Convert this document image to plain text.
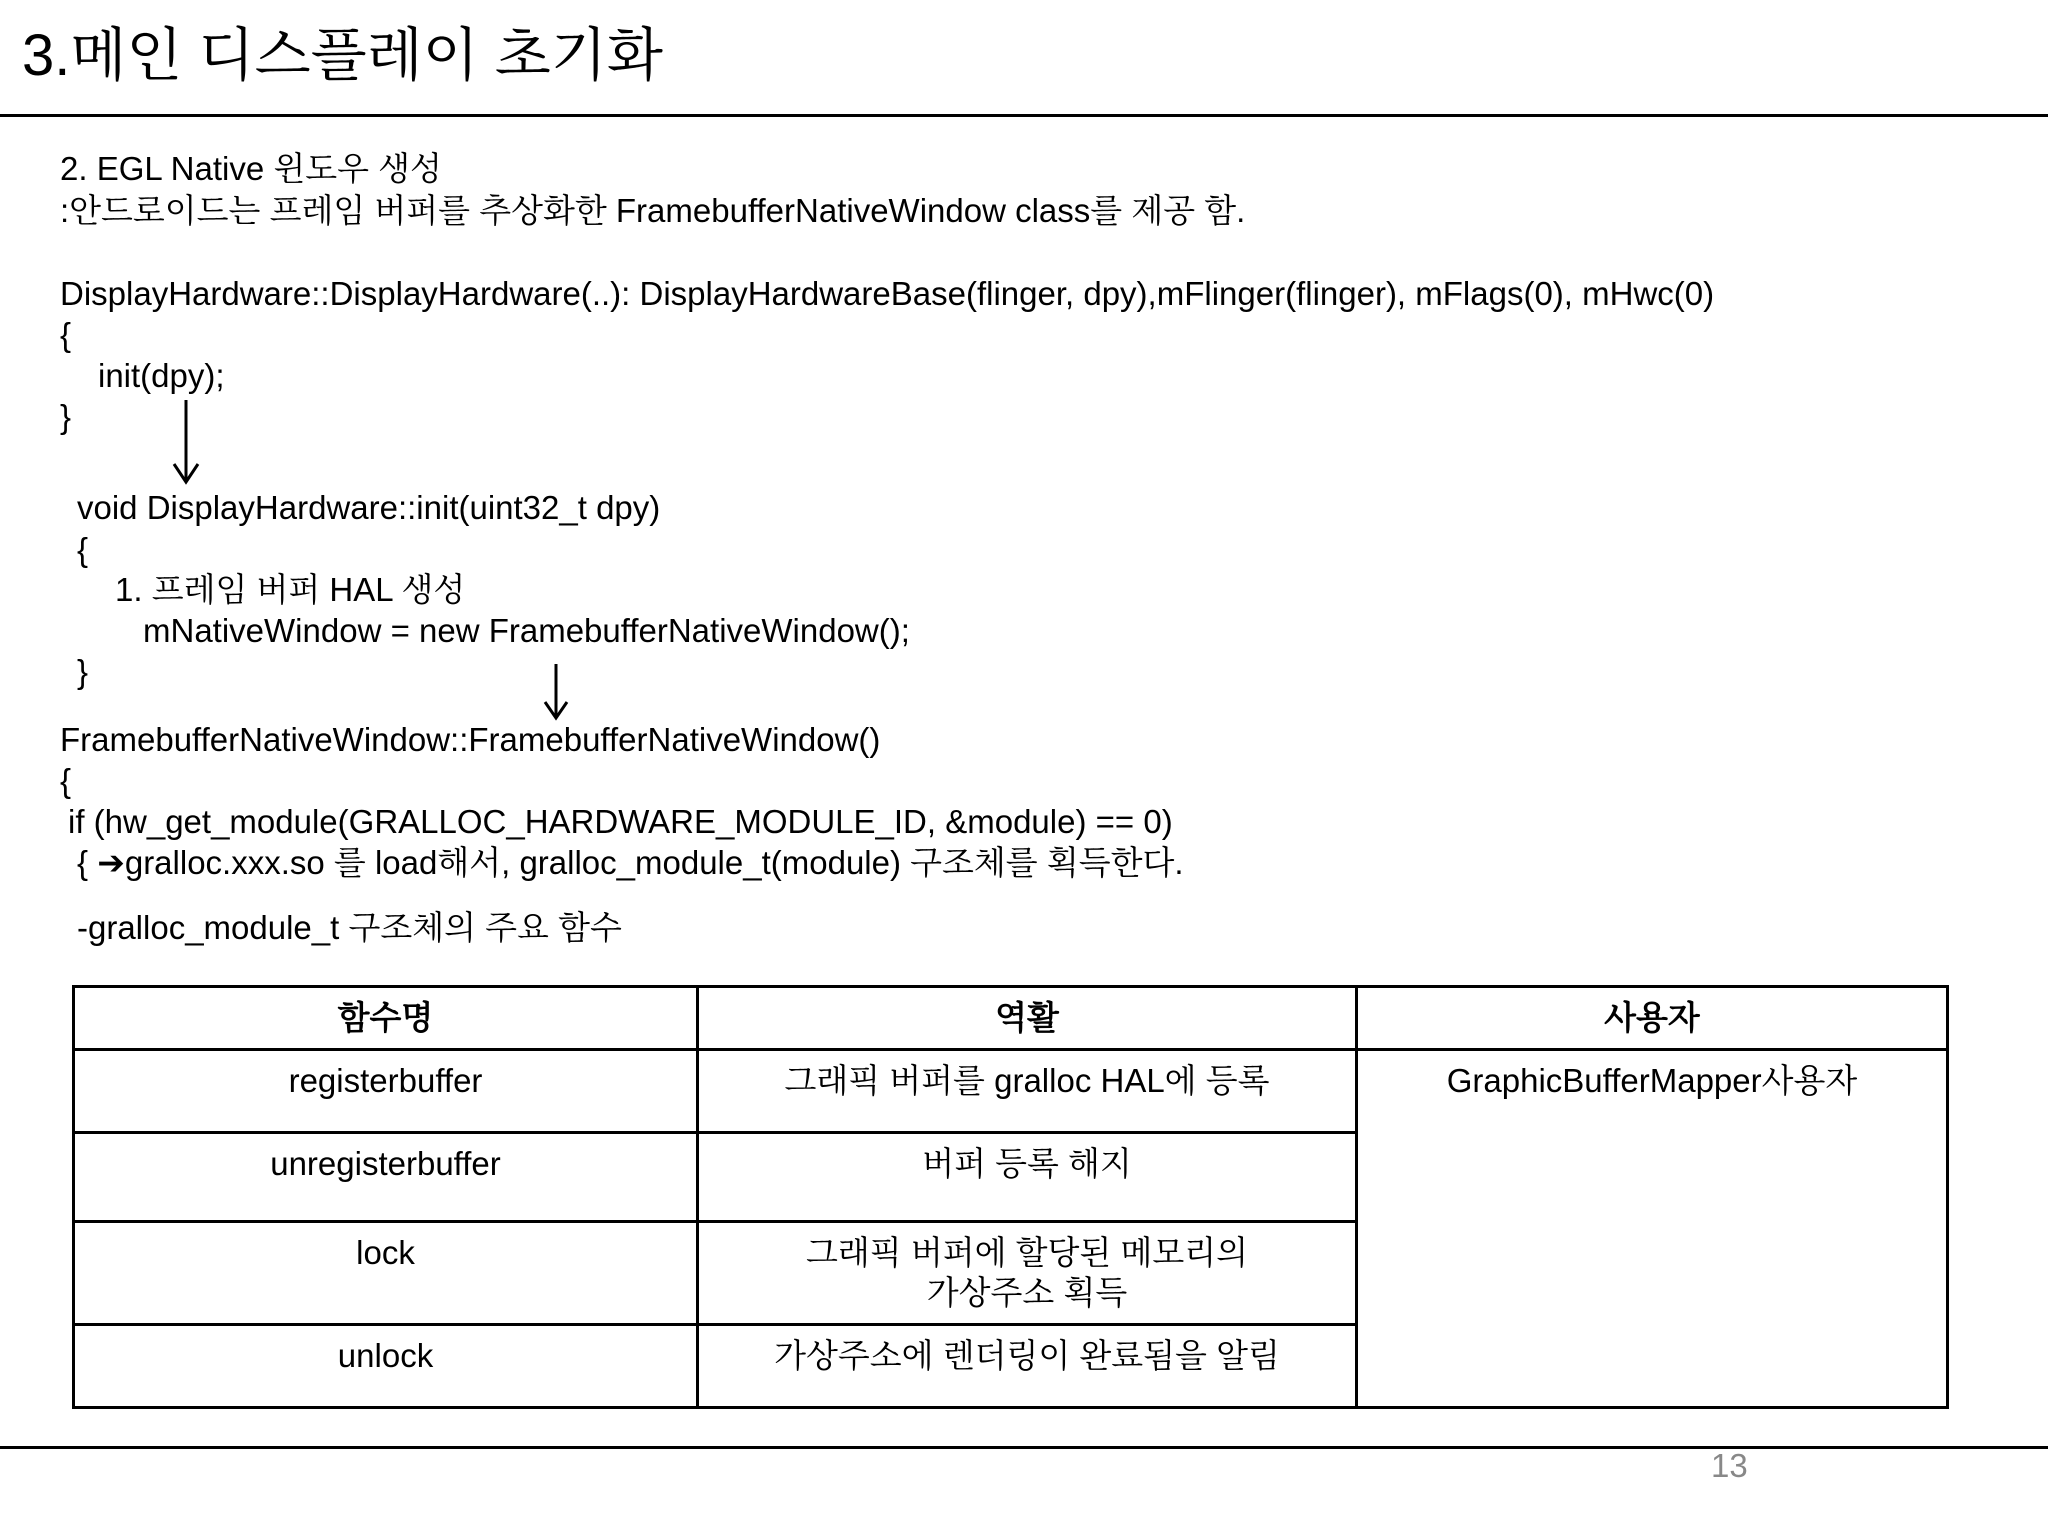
3.메인 디스플레이 초기화
2. EGL Native 윈도우 생성
:안드로이드는 프레임 버퍼를 추상화한 FramebufferNativeWindow class를 제공 함.
DisplayHardware::DisplayHardware(..): DisplayHardwareBase(flinger, dpy),mFlinger(flinger), mFlags(0), mHwc(0)
{
init(dpy);
}
void DisplayHardware::init(uint32_t dpy)
{
1. 프레임 버퍼 HAL 생성
mNativeWindow = new FramebufferNativeWindow();
}
FramebufferNativeWindow::FramebufferNativeWindow()
{
if (hw_get_module(GRALLOC_HARDWARE_MODULE_ID, &module) == 0)
{ ➔gralloc.xxx.so 를 load해서, gralloc_module_t(module) 구조체를 획득한다.
-gralloc_module_t 구조체의 주요 함수
함수명	역활	사용자
registerbuffer	그래픽 버퍼를 gralloc HAL에 등록	GraphicBufferMapper사용자
unregisterbuffer	버퍼 등록 해지	
lock	그래픽 버퍼에 할당된 메모리의
가상주소 획득	

unlock	가상주소에 렌더링이 완료됨을 알림	
13
